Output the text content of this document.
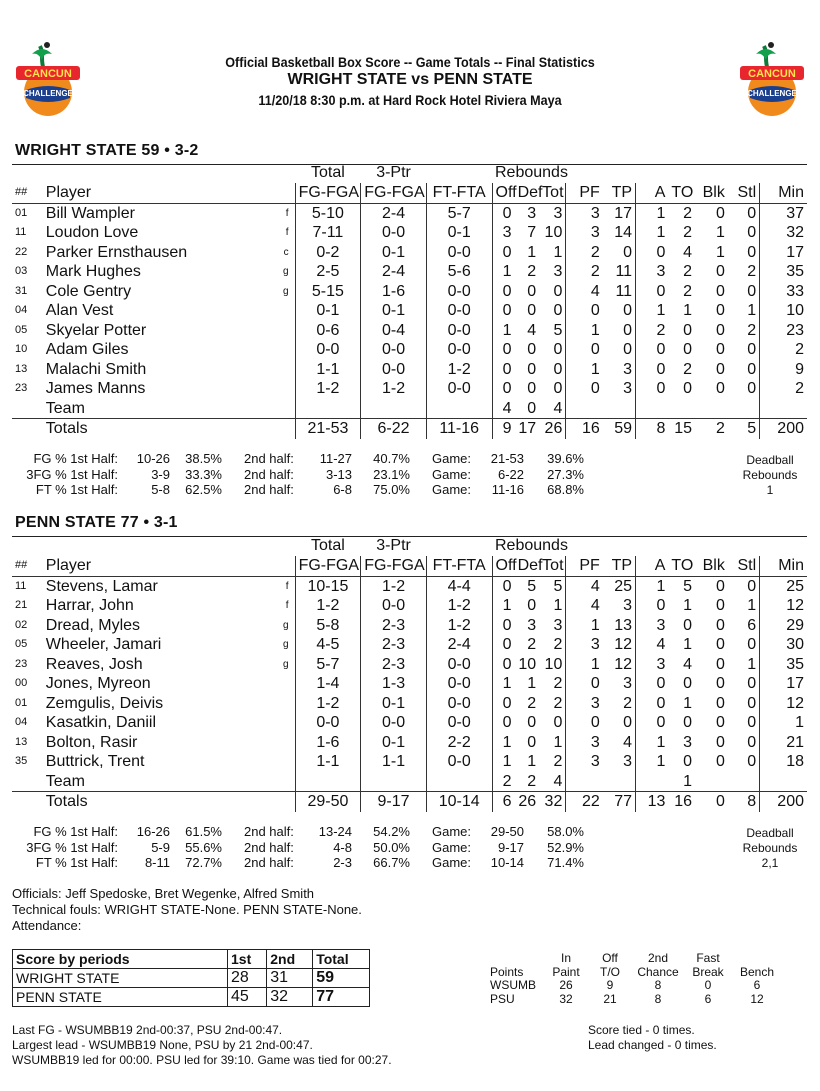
CANCUN
CHALLENGE
CANCUN
CHALLENGE
Official Basketball Box Score -- Game Totals -- Final Statistics
WRIGHT STATE vs PENN STATE
11/20/18 8:30 p.m. at Hard Rock Hotel Riviera Maya
WRIGHT STATE 59 • 3-2
				Total	3-Ptr		Rebounds									
##	Player			FG-FGA	FG-FGA	FT-FTA	Off	Def	Tot	PF	TP	A	TO	Blk	Stl	Min
01	Bill Wampler		f	5-10	2-4	5-7	0	3	3	3	17	1	2	0	0	37
11	Loudon Love		f	7-11	0-0	0-1	3	7	10	3	14	1	2	1	0	32
22	Parker Ernsthausen		c	0-2	0-1	0-0	0	1	1	2	0	0	4	1	0	17
03	Mark Hughes		g	2-5	2-4	5-6	1	2	3	2	11	3	2	0	2	35
31	Cole Gentry		g	5-15	1-6	0-0	0	0	0	4	11	0	2	0	0	33
04	Alan Vest			0-1	0-1	0-0	0	0	0	0	0	1	1	0	1	10
05	Skyelar Potter			0-6	0-4	0-0	1	4	5	1	0	2	0	0	2	23
10	Adam Giles			0-0	0-0	0-0	0	0	0	0	0	0	0	0	0	2
13	Malachi Smith			1-1	0-0	1-2	0	0	0	1	3	0	2	0	0	9
23	James Manns			1-2	1-2	0-0	0	0	0	0	3	0	0	0	0	2
	Team						4	0	4							
	Totals			21-53	6-22	11-16	9	17	26	16	59	8	15	2	5	200
FG % 1st Half:	10-26	38.5% 2nd half:	11-27	40.7% Game:	21-53	39.6%
3FG % 1st Half:	3-9	33.3% 2nd half:	3-13	23.1% Game:	6-22	27.3%
FT % 1st Half:	5-8	62.5% 2nd half:	6-8	75.0% Game:	11-16	68.8%
Deadball
Rebounds
1
PENN STATE 77 • 3-1
				Total	3-Ptr		Rebounds									
##	Player			FG-FGA	FG-FGA	FT-FTA	Off	Def	Tot	PF	TP	A	TO	Blk	Stl	Min
11	Stevens, Lamar		f	10-15	1-2	4-4	0	5	5	4	25	1	5	0	0	25
21	Harrar, John		f	1-2	0-0	1-2	1	0	1	4	3	0	1	0	1	12
02	Dread, Myles		g	5-8	2-3	1-2	0	3	3	1	13	3	0	0	6	29
05	Wheeler, Jamari		g	4-5	2-3	2-4	0	2	2	3	12	4	1	0	0	30
23	Reaves, Josh		g	5-7	2-3	0-0	0	10	10	1	12	3	4	0	1	35
00	Jones, Myreon			1-4	1-3	0-0	1	1	2	0	3	0	0	0	0	17
01	Zemgulis, Deivis			1-2	0-1	0-0	0	2	2	3	2	0	1	0	0	12
04	Kasatkin, Daniil			0-0	0-0	0-0	0	0	0	0	0	0	0	0	0	1
13	Bolton, Rasir			1-6	0-1	2-2	1	0	1	3	4	1	3	0	0	21
35	Buttrick, Trent			1-1	1-1	0-0	1	1	2	3	3	1	0	0	0	18
	Team						2	2	4				1			
	Totals			29-50	9-17	10-14	6	26	32	22	77	13	16	0	8	200
FG % 1st Half:	16-26	61.5% 2nd half:	13-24	54.2% Game:	29-50	58.0%
3FG % 1st Half:	5-9	55.6% 2nd half:	4-8	50.0% Game:	9-17	52.9%
FT % 1st Half:	8-11	72.7% 2nd half:	2-3	66.7% Game:	10-14	71.4%
Deadball
Rebounds
2,1
Officials: Jeff Spedoske, Bret Wegenke, Alfred Smith
Technical fouls: WRIGHT STATE-None. PENN STATE-None.
Attendance:
Score by periods	1st	2nd	Total
WRIGHT STATE	28	31	59
PENN STATE	45	32	77
	In	Off	2nd	Fast	
Points	Paint	T/O	Chance	Break	Bench
WSUMB	26	9	8	0	6
PSU	32	21	8	6	12
Last FG - WSUMBB19 2nd-00:37, PSU 2nd-00:47.
Largest lead - WSUMBB19 None, PSU by 21 2nd-00:47.
WSUMBB19 led for 00:00. PSU led for 39:10. Game was tied for 00:27.
Score tied - 0 times.
Lead changed - 0 times.
